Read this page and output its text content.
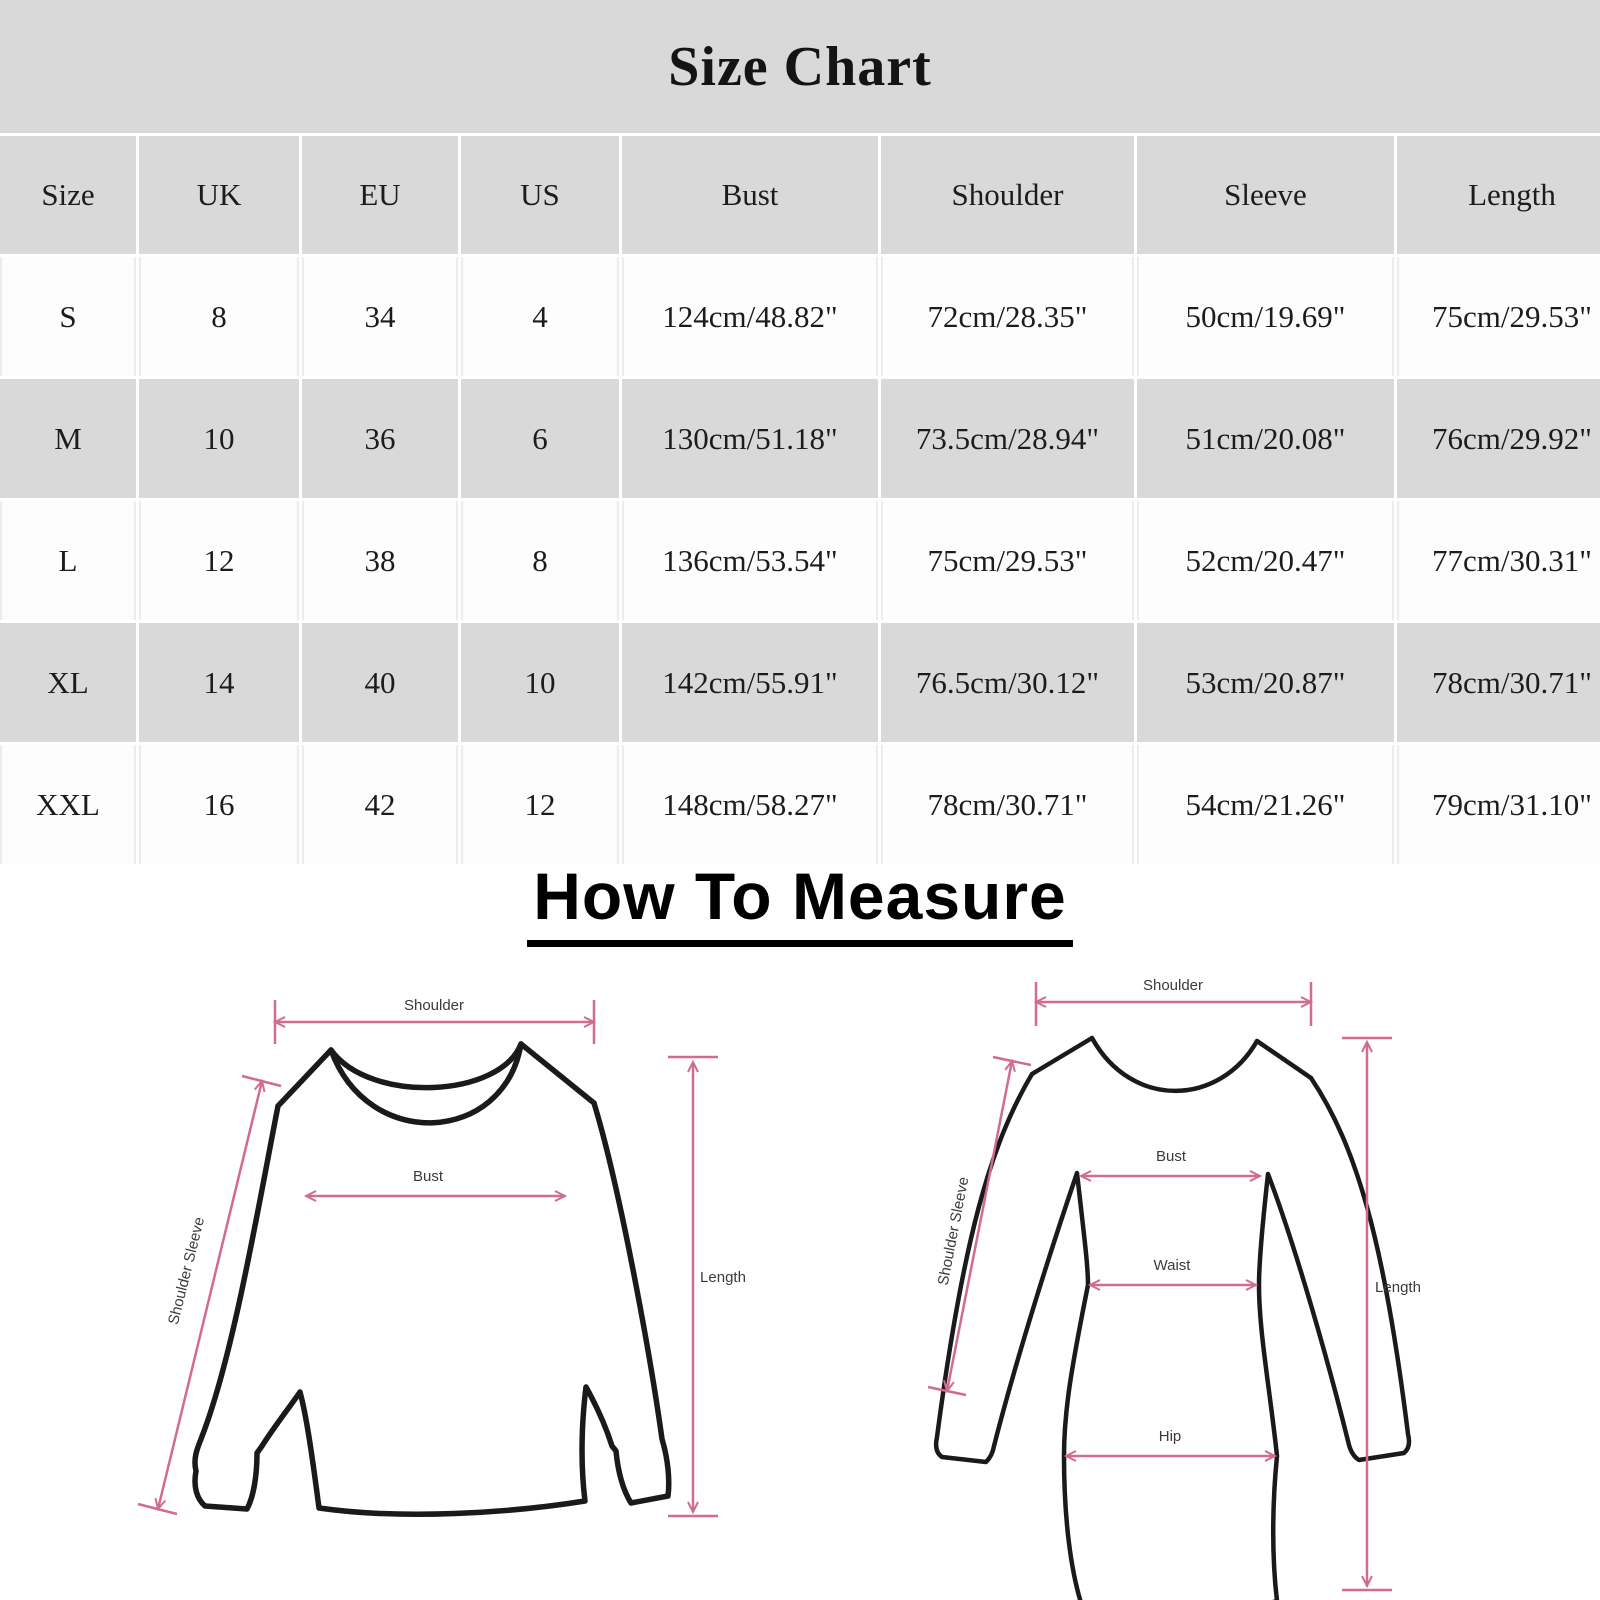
Size Chart
Size	UK	EU	US	Bust	Shoulder	Sleeve	Length
S	8	34	4	124cm/48.82"	72cm/28.35"	50cm/19.69"	75cm/29.53"
M	10	36	6	130cm/51.18"	73.5cm/28.94"	51cm/20.08"	76cm/29.92"
L	12	38	8	136cm/53.54"	75cm/29.53"	52cm/20.47"	77cm/30.31"
XL	14	40	10	142cm/55.91"	76.5cm/30.12"	53cm/20.87"	78cm/30.71"
XXL	16	42	12	148cm/58.27"	78cm/30.71"	54cm/21.26"	79cm/31.10"
How To Measure
Shoulder
Bust
Length
Shoulder Sleeve
Shoulder
Bust
Waist
Hip
Length
Shoulder Sleeve
